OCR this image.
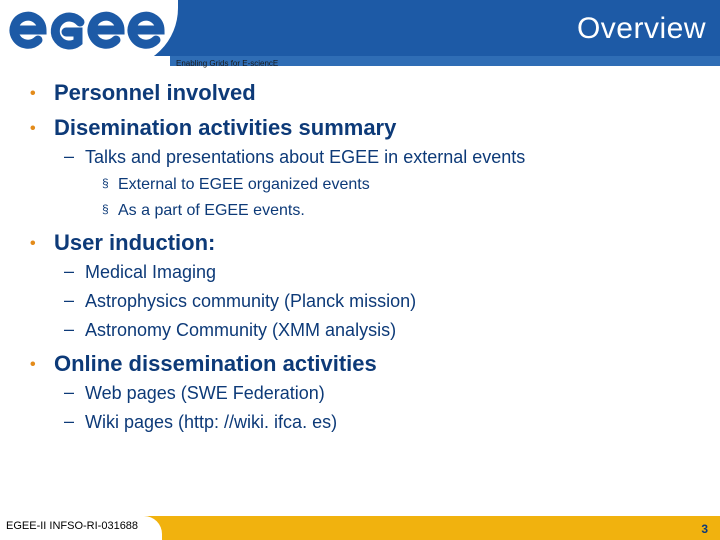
Overview
Enabling Grids for E-sciencE
• Personnel involved
• Disemination activities summary
– Talks and presentations about EGEE in external events
§ External to EGEE organized events
§ As a part of EGEE events.
• User induction:
– Medical Imaging
– Astrophysics community (Planck mission)
– Astronomy Community (XMM analysis)
• Online dissemination activities
– Web pages (SWE Federation)
– Wiki pages (http: //wiki. ifca. es)
EGEE-II INFSO-RI-031688	3
